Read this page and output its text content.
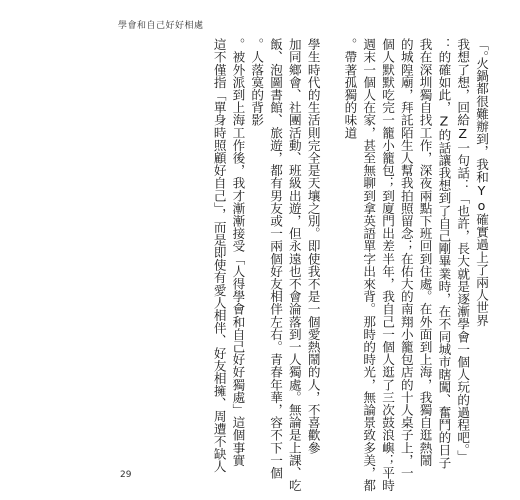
學會和自己好好相處
火鍋都很難辦到，我和Yo確實過上了兩人世界。」
　我想了想，回給Z一句話：「也許，長大就是逐漸學會一個人玩的過程吧。」
　的確如此，Z的話讓我想到了自己剛畢業時，在不同城市瞎闖、奮鬥的日子：
我在深圳獨自找工作，深夜兩點下班回到住處。在外面到上海，我獨自逛熱鬧
的城隍廟，拜託陌生人幫我拍照留念；在佑大的南翔小籠包店的十人桌子上，一
個人默默吃完一籠小籠包；到廈門出差半年，我自己一個人逛了三次鼓浪嶼；平時
週末一個人在家，甚至無聊到拿英語單字出來背。那時的時光，無論景致多美，都
帶著孤獨的味道。
　學生時代的生活則完全是天壤之別。即使我不是一個愛熱鬧的人，不喜歡參
加同鄉會、社團活動、班級出遊，但永遠也不會淪落到一人獨處。無論是上課、吃
飯、泡圖書館、旅遊，都有男友或一兩個好友相伴左右。青春年華，容不下一個
人落寞的背影。
　被外派到上海工作後，我才漸漸接受「人得學會和自己好好獨處」這個事實。
這不僅指「單身時照顧好自己」，而是即使有愛人相伴、好友相擁、周遭不缺人
29
